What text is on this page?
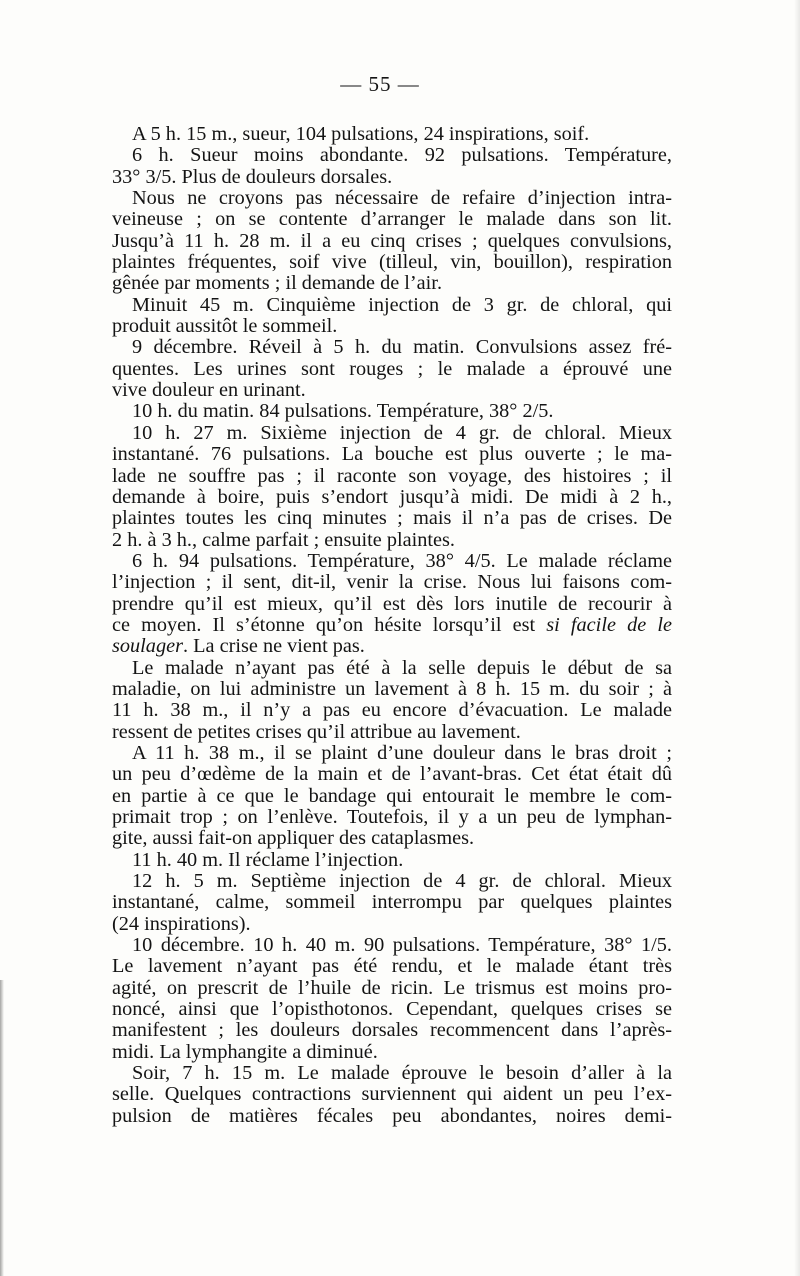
— 55 —
A 5 h. 15 m., sueur, 104 pulsations, 24 inspirations, soif.
6 h. Sueur moins abondante. 92 pulsations. Température,
33° 3/5. Plus de douleurs dorsales.
Nous ne croyons pas nécessaire de refaire d’injection intra-
veineuse ; on se contente d’arranger le malade dans son lit.
Jusqu’à 11 h. 28 m. il a eu cinq crises ; quelques convulsions,
plaintes fréquentes, soif vive (tilleul, vin, bouillon), respiration
gênée par moments ; il demande de l’air.
Minuit 45 m. Cinquième injection de 3 gr. de chloral, qui
produit aussitôt le sommeil.
9 décembre. Réveil à 5 h. du matin. Convulsions assez fré-
quentes. Les urines sont rouges ; le malade a éprouvé une
vive douleur en urinant.
10 h. du matin. 84 pulsations. Température, 38° 2/5.
10 h. 27 m. Sixième injection de 4 gr. de chloral. Mieux
instantané. 76 pulsations. La bouche est plus ouverte ; le ma-
lade ne souffre pas ; il raconte son voyage, des histoires ; il
demande à boire, puis s’endort jusqu’à midi. De midi à 2 h.,
plaintes toutes les cinq minutes ; mais il n’a pas de crises. De
2 h. à 3 h., calme parfait ; ensuite plaintes.
6 h. 94 pulsations. Température, 38° 4/5. Le malade réclame
l’injection ; il sent, dit-il, venir la crise. Nous lui faisons com-
prendre qu’il est mieux, qu’il est dès lors inutile de recourir à
ce moyen. Il s’étonne qu’on hésite lorsqu’il est si facile de le
soulager. La crise ne vient pas.
Le malade n’ayant pas été à la selle depuis le début de sa
maladie, on lui administre un lavement à 8 h. 15 m. du soir ; à
11 h. 38 m., il n’y a pas eu encore d’évacuation. Le malade
ressent de petites crises qu’il attribue au lavement.
A 11 h. 38 m., il se plaint d’une douleur dans le bras droit ;
un peu d’œdème de la main et de l’avant-bras. Cet état était dû
en partie à ce que le bandage qui entourait le membre le com-
primait trop ; on l’enlève. Toutefois, il y a un peu de lymphan-
gite, aussi fait-on appliquer des cataplasmes.
11 h. 40 m. Il réclame l’injection.
12 h. 5 m. Septième injection de 4 gr. de chloral. Mieux
instantané, calme, sommeil interrompu par quelques plaintes
(24 inspirations).
10 décembre. 10 h. 40 m. 90 pulsations. Température, 38° 1/5.
Le lavement n’ayant pas été rendu, et le malade étant très
agité, on prescrit de l’huile de ricin. Le trismus est moins pro-
noncé, ainsi que l’opisthotonos. Cependant, quelques crises se
manifestent ; les douleurs dorsales recommencent dans l’après-
midi. La lymphangite a diminué.
Soir, 7 h. 15 m. Le malade éprouve le besoin d’aller à la
selle. Quelques contractions surviennent qui aident un peu l’ex-
pulsion de matières fécales peu abondantes, noires demi-
